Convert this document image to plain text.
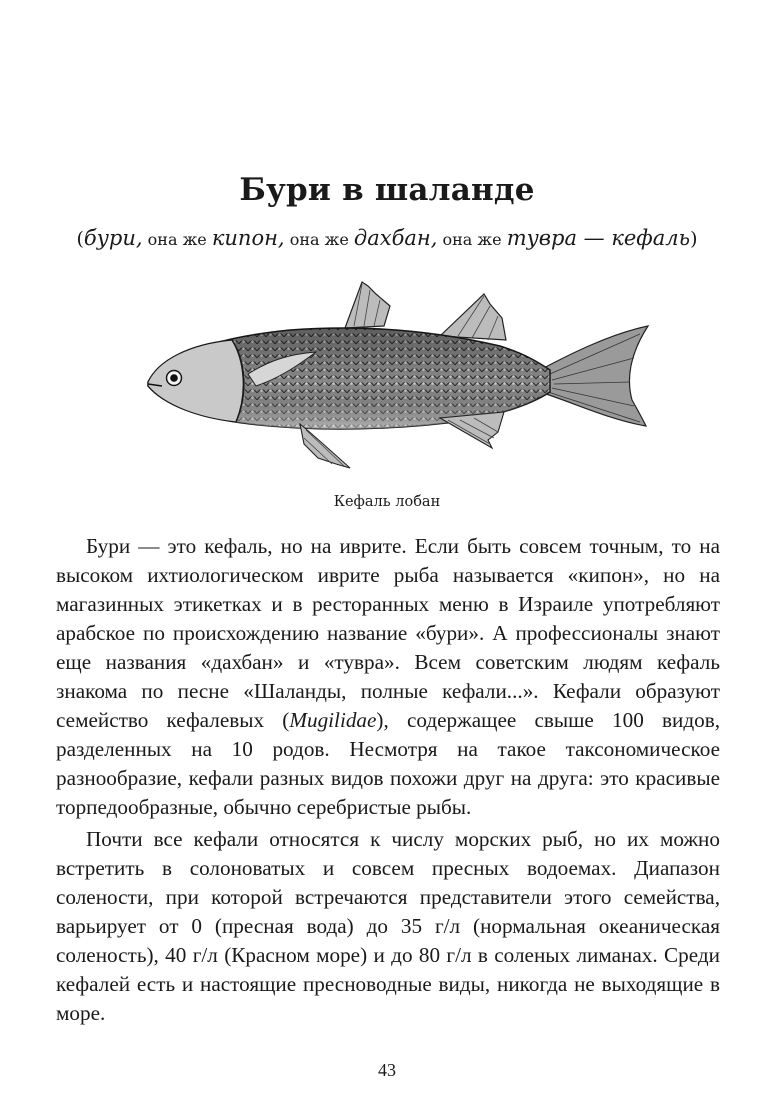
Бури в шаланде
(бури, она же кипон, она же дахбан, она же тувра — кефаль)
Кефаль лобан

Бури — это кефаль, но на иврите. Если быть совсем точным, то на высоком ихтиологическом иврите рыба называется «кипон», но на магазинных этикетках и в ресторанных меню в Израиле употребляют арабское по происхождению название «бури». А профессионалы знают еще названия «дахбан» и «тувра». Всем советским людям кефаль знакома по песне «Шаланды, полные кефали...». Кефали образуют семейство кефалевых (Mugilidae), содержащее свыше 100 видов, разделенных на 10 родов. Несмотря на такое таксономическое разнообразие, кефали разных видов похожи друг на друга: это красивые торпедообразные, обычно серебристые рыбы.

Почти все кефали относятся к числу морских рыб, но их можно встретить в солоноватых и совсем пресных водоемах. Диапазон солености, при которой встречаются представители этого семейства, варьирует от 0 (пресная вода) до 35 г/л (нормальная океаническая соленость), 40 г/л (Красном море) и до 80 г/л в соленых лиманах. Среди кефалей есть и настоящие пресноводные виды, никогда не выходящие в море.

43
